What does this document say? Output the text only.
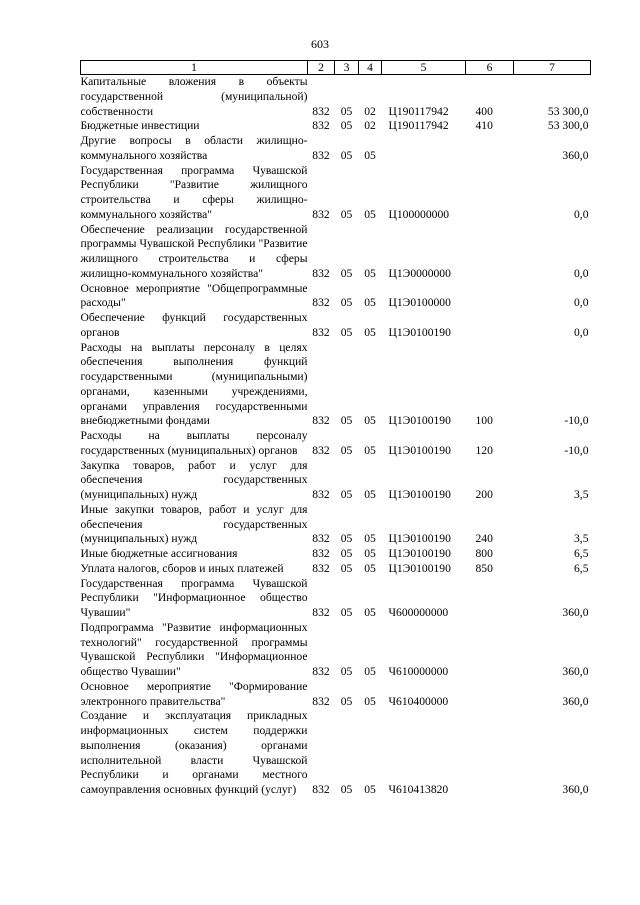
603
1	2	3	4	5	6	7
Капитальные вложения в объекты государственной (муниципальной) собственности	832	05	02	Ц190117942	400	53 300,0
Бюджетные инвестиции	832	05	02	Ц190117942	410	53 300,0
Другие вопросы в области жилищно-коммунального хозяйства	832	05	05			360,0
Государственная программа Чувашской Республики "Развитие жилищного строительства и сферы жилищно-коммунального хозяйства"	832	05	05	Ц100000000		0,0
Обеспечение реализации государственной программы Чувашской Республики "Развитие жилищного строительства и сферы жилищно-коммунального хозяйства"	832	05	05	Ц1Э0000000		0,0
Основное мероприятие "Общепрограммные расходы"	832	05	05	Ц1Э0100000		0,0
Обеспечение функций государственных органов	832	05	05	Ц1Э0100190		0,0
Расходы на выплаты персоналу в целях обеспечения выполнения функций государственными (муниципальными) органами, казенными учреждениями, органами управления государственными внебюджетными фондами	832	05	05	Ц1Э0100190	100	-10,0
Расходы на выплаты персоналу государственных (муниципальных) органов	832	05	05	Ц1Э0100190	120	-10,0
Закупка товаров, работ и услуг для обеспечения государственных (муниципальных) нужд	832	05	05	Ц1Э0100190	200	3,5
Иные закупки товаров, работ и услуг для обеспечения государственных (муниципальных) нужд	832	05	05	Ц1Э0100190	240	3,5
Иные бюджетные ассигнования	832	05	05	Ц1Э0100190	800	6,5
Уплата налогов, сборов и иных платежей	832	05	05	Ц1Э0100190	850	6,5
Государственная программа Чувашской Республики "Информационное общество Чувашии"	832	05	05	Ч600000000		360,0
Подпрограмма "Развитие информационных технологий" государственной программы Чувашской Республики "Информационное общество Чувашии"	832	05	05	Ч610000000		360,0
Основное мероприятие "Формирование электронного правительства"	832	05	05	Ч610400000		360,0
Создание и эксплуатация прикладных информационных систем поддержки выполнения (оказания) органами исполнительной власти Чувашской Республики и органами местного самоуправления основных функций (услуг)	832	05	05	Ч610413820		360,0
